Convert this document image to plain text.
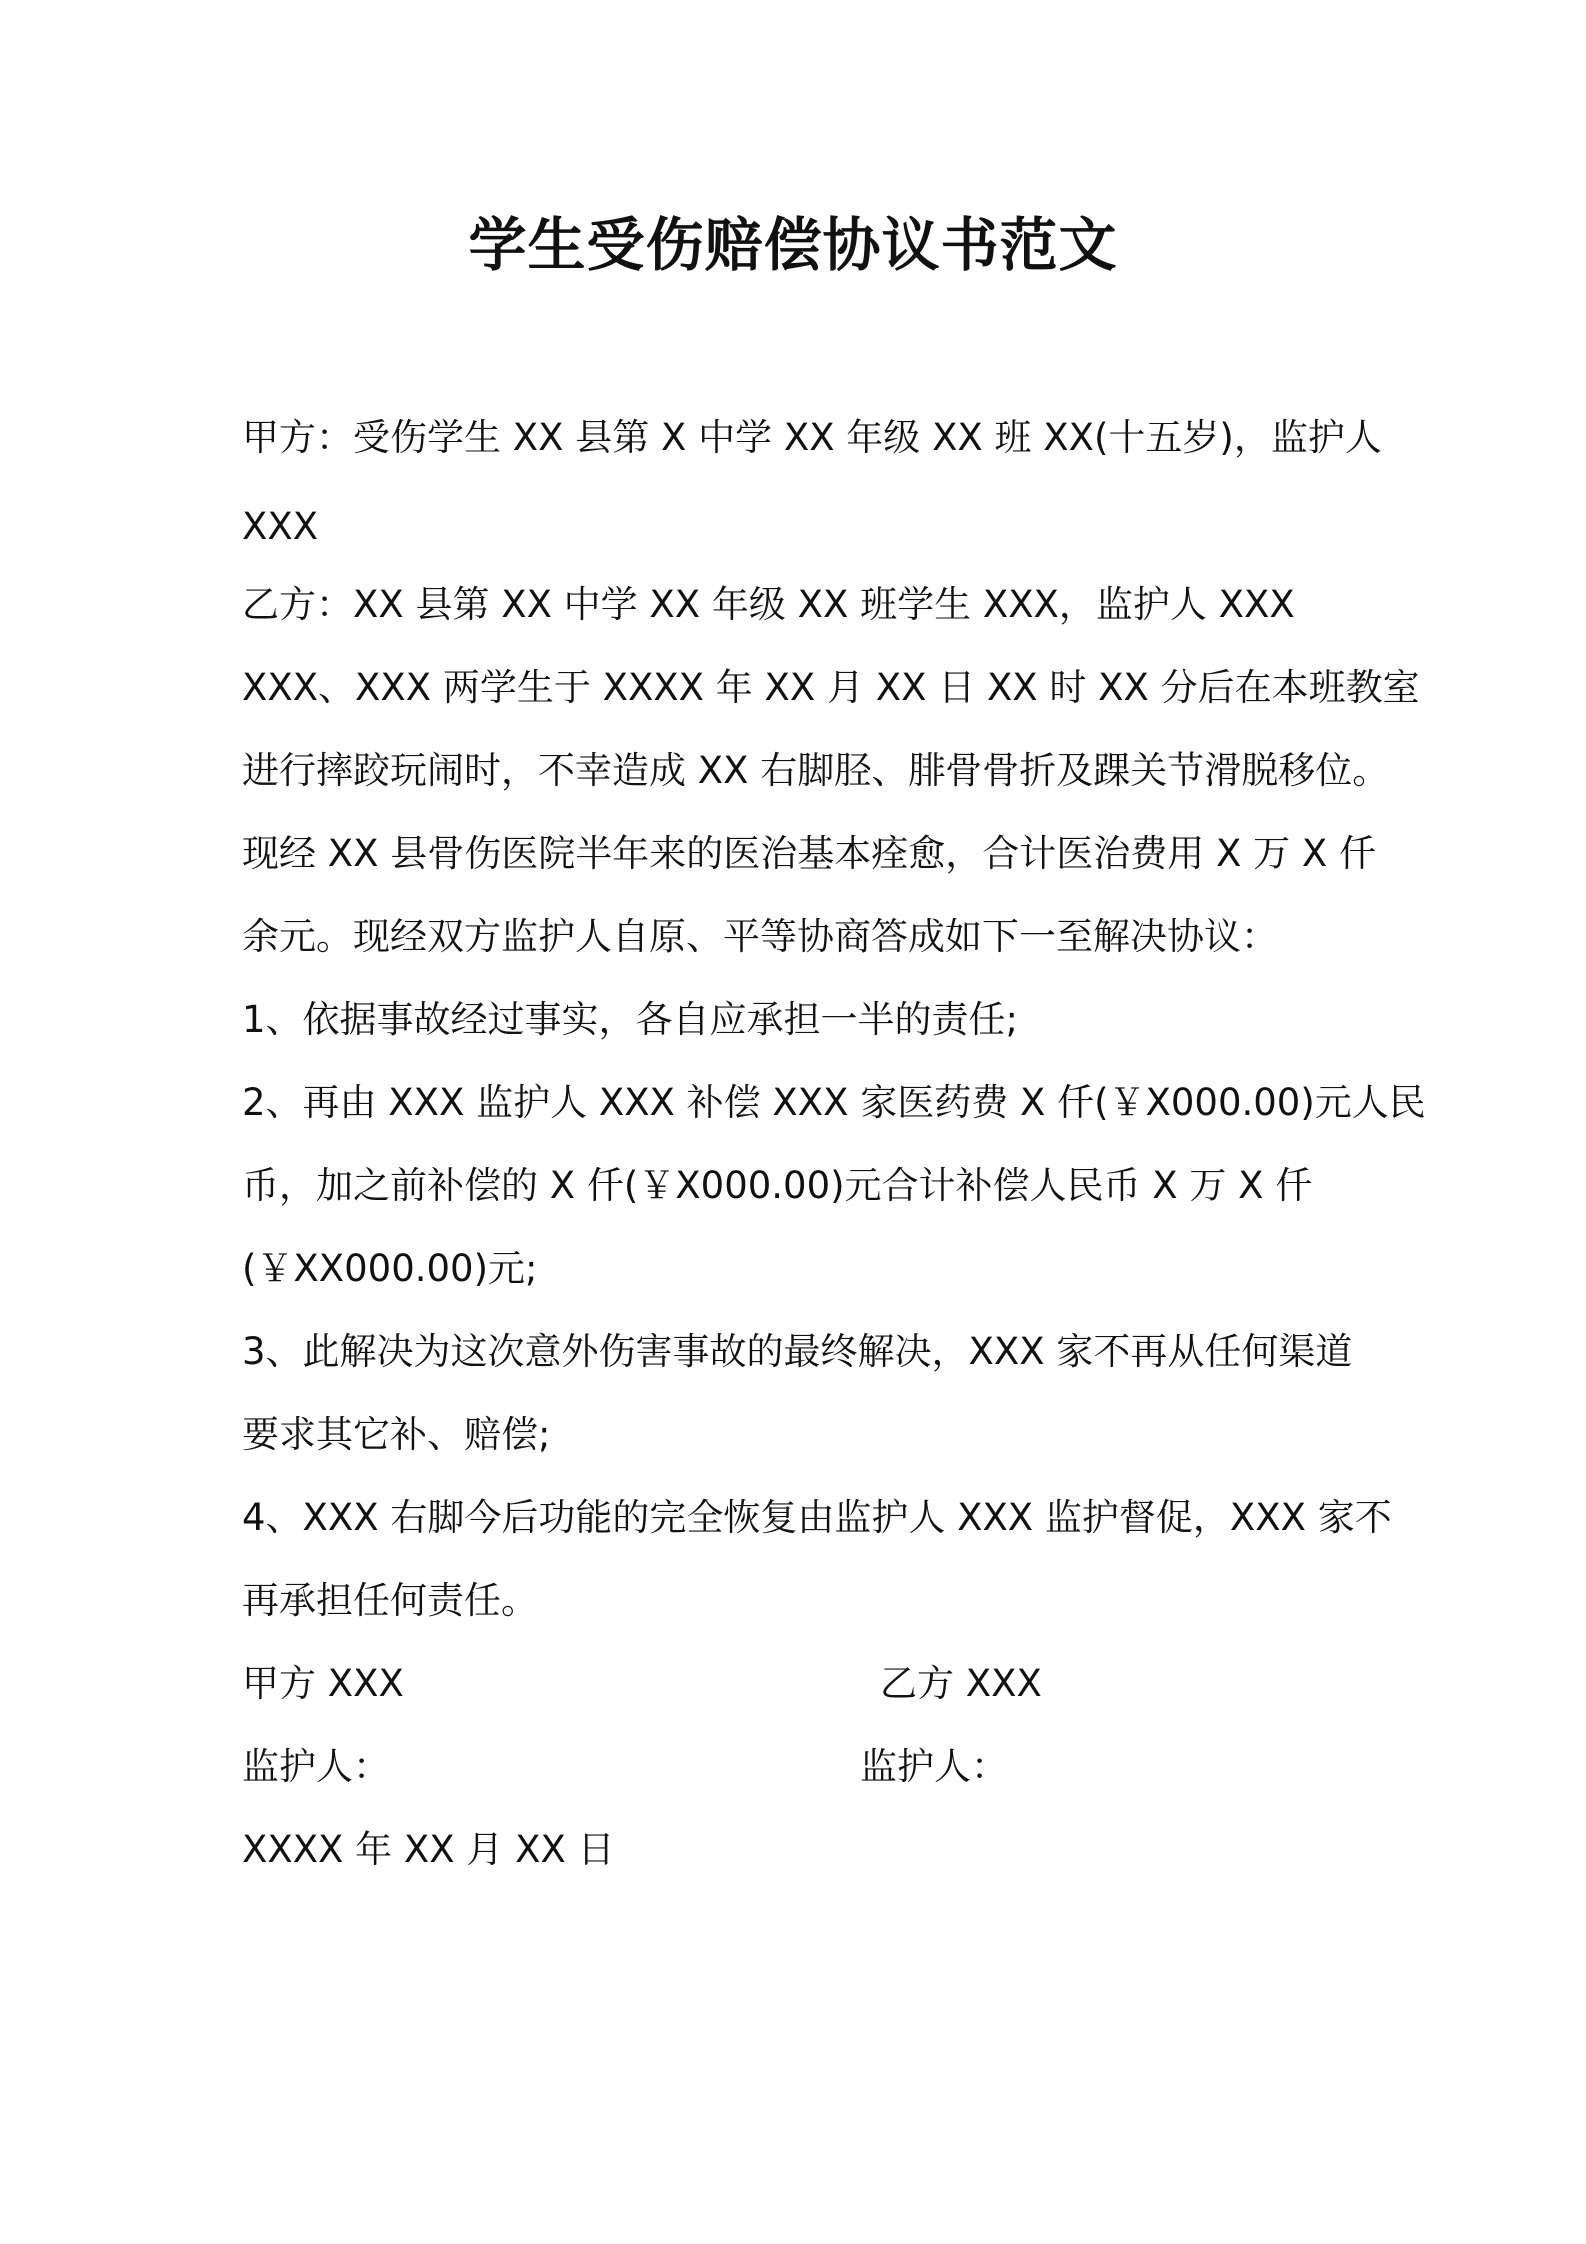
学生受伤赔偿协议书范文
甲方：受伤学生 XX 县第 X 中学 XX 年级 XX 班 XX(十五岁)，监护人
XXX
乙方：XX 县第 XX 中学 XX 年级 XX 班学生 XXX，监护人 XXX
XXX、XXX 两学生于 XXXX 年 XX 月 XX 日 XX 时 XX 分后在本班教室
进行摔跤玩闹时，不幸造成 XX 右脚胫、腓骨骨折及踝关节滑脱移位。
现经 XX 县骨伤医院半年来的医治基本痊愈，合计医治费用 X 万 X 仟
余元。现经双方监护人自原、平等协商答成如下一至解决协议：
1、依据事故经过事实，各自应承担一半的责任;
2、再由 XXX 监护人 XXX 补偿 XXX 家医药费 X 仟(￥X000.00)元人民
币，加之前补偿的 X 仟(￥X000.00)元合计补偿人民币 X 万 X 仟
(￥XX000.00)元;
3、此解决为这次意外伤害事故的最终解决，XXX 家不再从任何渠道
要求其它补、赔偿;
4、XXX 右脚今后功能的完全恢复由监护人 XXX 监护督促，XXX 家不
再承担任何责任。
甲方 XXX	乙方 XXX
监护人：	监护人：
XXXX 年 XX 月 XX 日
